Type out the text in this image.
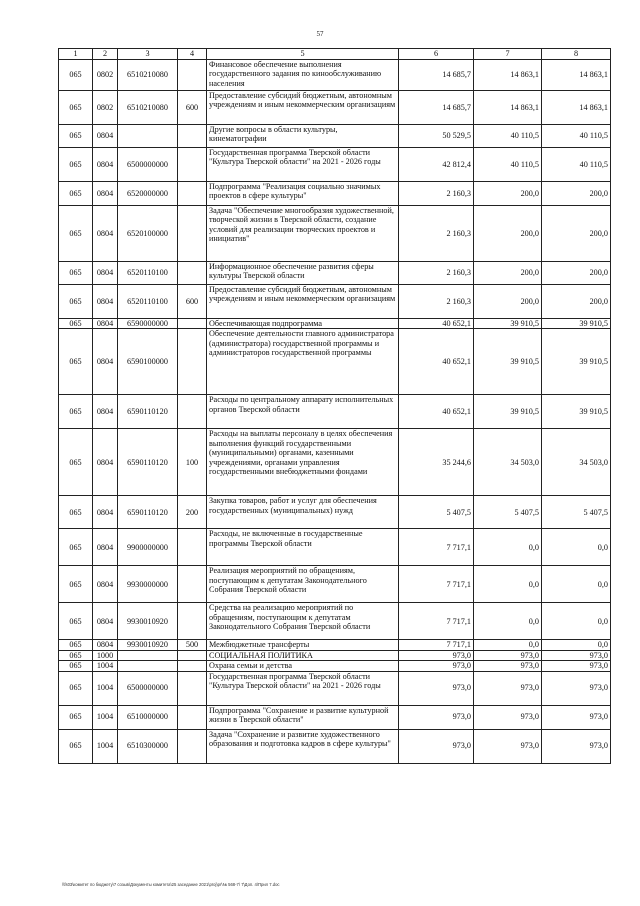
57
1	2	3	4	5	6	7	8
065	0802	6510210080		Финансовое обеспечение выполнения государственного задания по кинообслуживанию населения	14 685,7	14 863,1	14 863,1
065	0802	6510210080	600	Предоставление субсидий бюджетным, автономным учреждениям и иным некоммерческим организациям	14 685,7	14 863,1	14 863,1
065	0804			Другие вопросы в области культуры, кинематографии	50 529,5	40 110,5	40 110,5
065	0804	6500000000		Государственная программа Тверской области "Культура Тверской области" на 2021 - 2026 годы	42 812,4	40 110,5	40 110,5
065	0804	6520000000		Подпрограмма "Реализация социально значимых проектов в сфере культуры"	2 160,3	200,0	200,0
065	0804	6520100000		Задача "Обеспечение многообразия художественной, творческой жизни в Тверской области, создание условий для реализации творческих проектов и инициатив"	2 160,3	200,0	200,0
065	0804	6520110100		Информационное обеспечение развития сферы культуры Тверской области	2 160,3	200,0	200,0
065	0804	6520110100	600	Предоставление субсидий бюджетным, автономным учреждениям и иным некоммерческим организациям	2 160,3	200,0	200,0
065	0804	6590000000		Обеспечивающая подпрограмма	40 652,1	39 910,5	39 910,5
065	0804	6590100000		Обеспечение деятельности главного администратора (администратора) государственной программы и администраторов государственной программы	40 652,1	39 910,5	39 910,5
065	0804	6590110120		Расходы по центральному аппарату исполнительных органов Тверской области	40 652,1	39 910,5	39 910,5
065	0804	6590110120	100	Расходы на выплаты персоналу в целях обеспечения выполнения функций государственными (муниципальными) органами, казенными учреждениями, органами управления государственными внебюджетными фондами	35 244,6	34 503,0	34 503,0
065	0804	6590110120	200	Закупка товаров, работ и услуг для обеспечения государственных (муниципальных) нужд	5 407,5	5 407,5	5 407,5
065	0804	9900000000		Расходы, не включенные в государственные программы Тверской области	7 717,1	0,0	0,0
065	0804	9930000000		Реализация мероприятий по обращениям, поступающим к депутатам Законодательного Собрания Тверской области	7 717,1	0,0	0,0
065	0804	9930010920		Средства на реализацию мероприятий по обращениям, поступающим к депутатам Законодательного Собрания Тверской области	7 717,1	0,0	0,0
065	0804	9930010920	500	Межбюджетные трансферты	7 717,1	0,0	0,0
065	1000			СОЦИАЛЬНАЯ ПОЛИТИКА	973,0	973,0	973,0
065	1004			Охрана семьи и детства	973,0	973,0	973,0
065	1004	6500000000		Государственная программа Тверской области "Культура Тверской области" на 2021 - 2026 годы	973,0	973,0	973,0
065	1004	6510000000		Подпрограмма "Сохранение и развитие культурной жизни в Тверской области"	973,0	973,0	973,0
065	1004	6510300000		Задача "Сохранение и развитие художественного образования и подготовка кадров в сфере культуры"	973,0	973,0	973,0
\\fs03\комитет по бюджету\7 созыв\Документы комитета\25 заседание 2021\proj\pr\№ 568-7\ 7\Доп. 4\Прил 7.doc
